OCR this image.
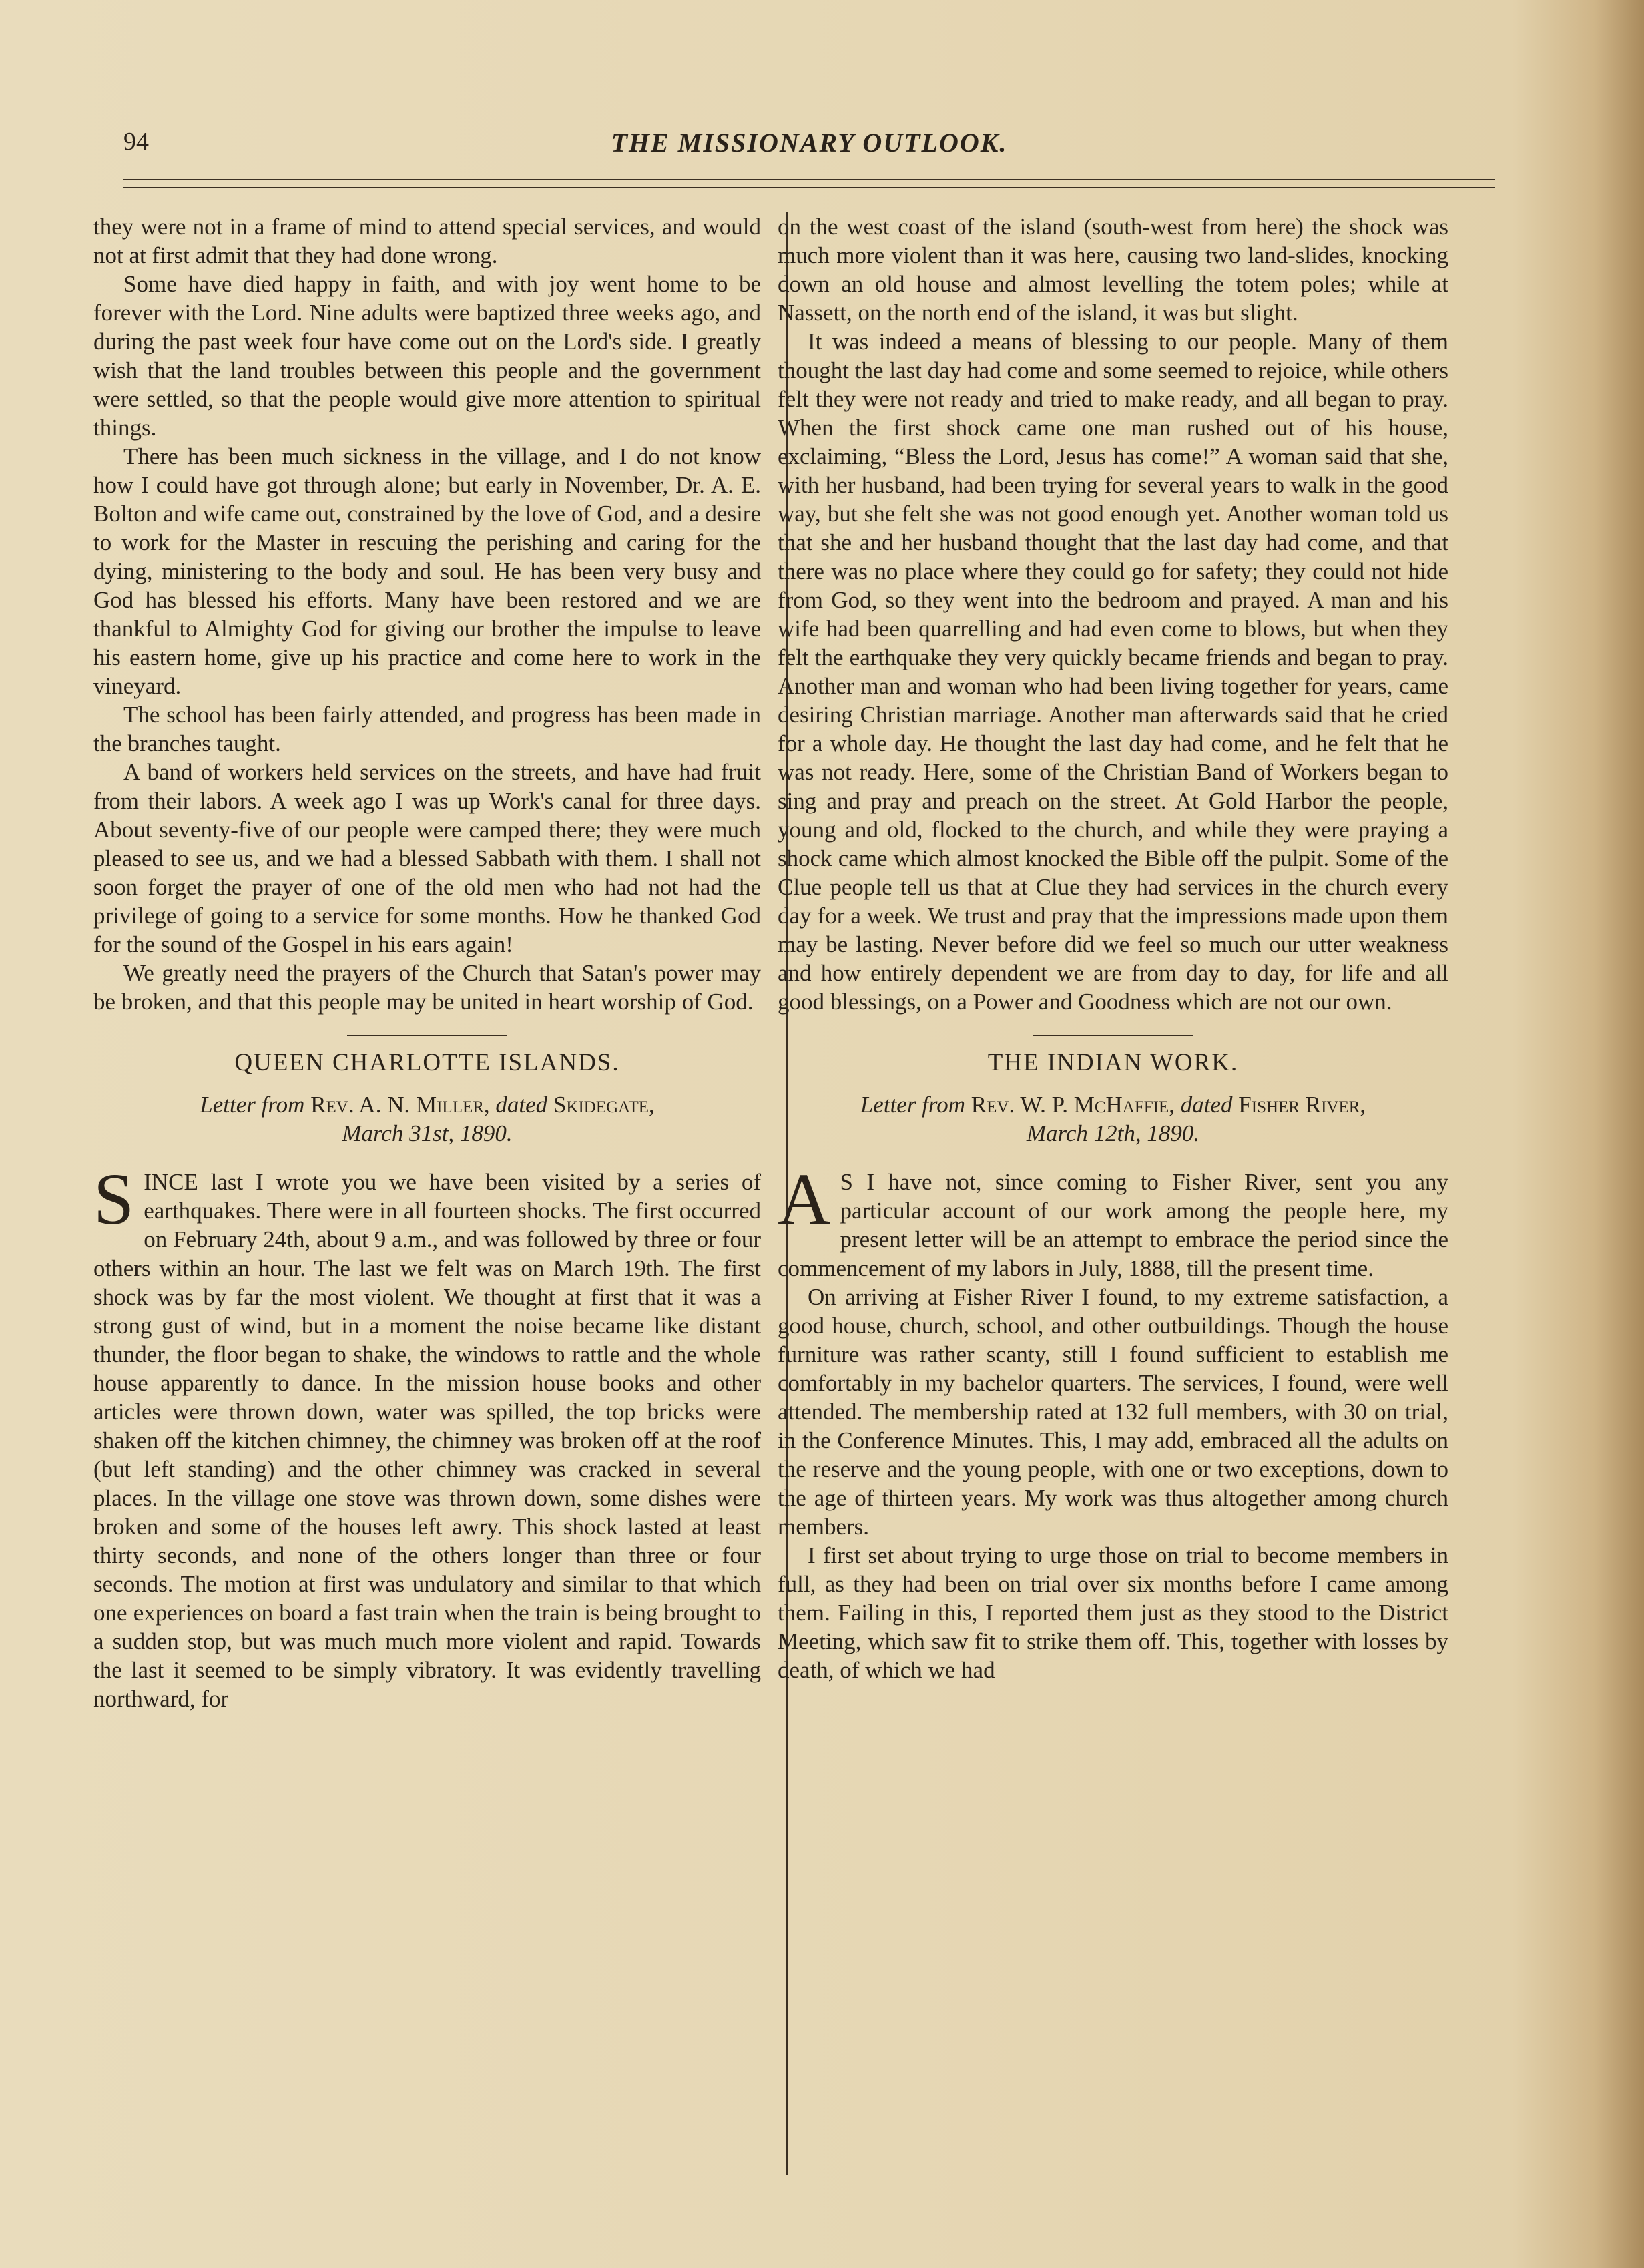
94	THE MISSIONARY OUTLOOK.

they were not in a frame of mind to attend special services, and would not at first admit that they had done wrong.

Some have died happy in faith, and with joy went home to be forever with the Lord. Nine adults were baptized three weeks ago, and during the past week four have come out on the Lord's side. I greatly wish that the land troubles between this people and the government were settled, so that the people would give more attention to spiritual things.

There has been much sickness in the village, and I do not know how I could have got through alone; but early in November, Dr. A. E. Bolton and wife came out, constrained by the love of God, and a desire to work for the Master in rescuing the perishing and caring for the dying, ministering to the body and soul. He has been very busy and God has blessed his efforts. Many have been restored and we are thankful to Almighty God for giving our brother the impulse to leave his eastern home, give up his practice and come here to work in the vineyard.

The school has been fairly attended, and progress has been made in the branches taught.

A band of workers held services on the streets, and have had fruit from their labors. A week ago I was up Work's canal for three days. About seventy-five of our people were camped there; they were much pleased to see us, and we had a blessed Sabbath with them. I shall not soon forget the prayer of one of the old men who had not had the privilege of going to a service for some months. How he thanked God for the sound of the Gospel in his ears again!

We greatly need the prayers of the Church that Satan's power may be broken, and that this people may be united in heart worship of God.

QUEEN CHARLOTTE ISLANDS.
Letter from Rev. A. N. Miller, dated Skidegate,
March 31st, 1890.

SINCE last I wrote you we have been visited by a series of earthquakes. There were in all fourteen shocks. The first occurred on February 24th, about 9 a.m., and was followed by three or four others within an hour. The last we felt was on March 19th. The first shock was by far the most violent. We thought at first that it was a strong gust of wind, but in a moment the noise became like distant thunder, the floor began to shake, the windows to rattle and the whole house apparently to dance. In the mission house books and other articles were thrown down, water was spilled, the top bricks were shaken off the kitchen chimney, the chimney was broken off at the roof (but left standing) and the other chimney was cracked in several places. In the village one stove was thrown down, some dishes were broken and some of the houses left awry. This shock lasted at least thirty seconds, and none of the others longer than three or four seconds. The motion at first was undulatory and similar to that which one experiences on board a fast train when the train is being brought to a sudden stop, but was much much more violent and rapid. Towards the last it seemed to be simply vibratory. It was evidently travelling northward, for

on the west coast of the island (south-west from here) the shock was much more violent than it was here, causing two land-slides, knocking down an old house and almost levelling the totem poles; while at Nassett, on the north end of the island, it was but slight.

It was indeed a means of blessing to our people. Many of them thought the last day had come and some seemed to rejoice, while others felt they were not ready and tried to make ready, and all began to pray. When the first shock came one man rushed out of his house, exclaiming, “Bless the Lord, Jesus has come!” A woman said that she, with her husband, had been trying for several years to walk in the good way, but she felt she was not good enough yet. Another woman told us that she and her husband thought that the last day had come, and that there was no place where they could go for safety; they could not hide from God, so they went into the bedroom and prayed. A man and his wife had been quarrelling and had even come to blows, but when they felt the earthquake they very quickly became friends and began to pray. Another man and woman who had been living together for years, came desiring Christian marriage. Another man afterwards said that he cried for a whole day. He thought the last day had come, and he felt that he was not ready. Here, some of the Christian Band of Workers began to sing and pray and preach on the street. At Gold Harbor the people, young and old, flocked to the church, and while they were praying a shock came which almost knocked the Bible off the pulpit. Some of the Clue people tell us that at Clue they had services in the church every day for a week. We trust and pray that the impressions made upon them may be lasting. Never before did we feel so much our utter weakness and how entirely dependent we are from day to day, for life and all good blessings, on a Power and Goodness which are not our own.

THE INDIAN WORK.
Letter from Rev. W. P. McHaffie, dated Fisher River,
March 12th, 1890.

A S I have not, since coming to Fisher River, sent you any particular account of our work among the people here, my present letter will be an attempt to embrace the period since the commencement of my labors in July, 1888, till the present time.

On arriving at Fisher River I found, to my extreme satisfaction, a good house, church, school, and other outbuildings. Though the house furniture was rather scanty, still I found sufficient to establish me comfortably in my bachelor quarters. The services, I found, were well attended. The membership rated at 132 full members, with 30 on trial, in the Conference Minutes. This, I may add, embraced all the adults on the reserve and the young people, with one or two exceptions, down to the age of thirteen years. My work was thus altogether among church members.

I first set about trying to urge those on trial to become members in full, as they had been on trial over six months before I came among them. Failing in this, I reported them just as they stood to the District Meeting, which saw fit to strike them off. This, together with losses by death, of which we had
